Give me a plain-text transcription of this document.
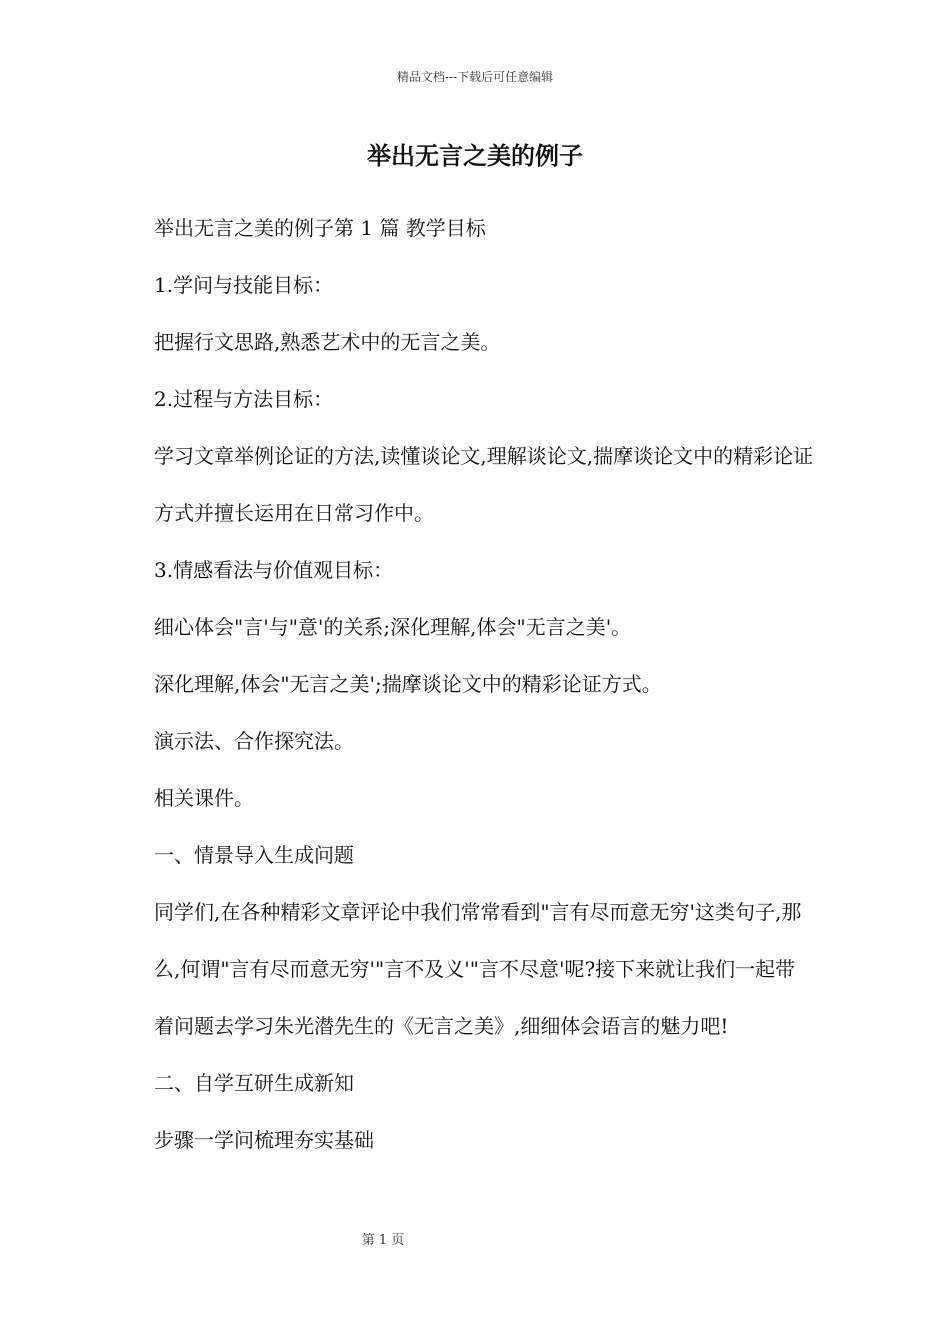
精品文档---下载后可任意编辑
举出无言之美的例子

举出无言之美的例子第 1 篇 教学目标

1.学问与技能目标：

把握行文思路,熟悉艺术中的无言之美。

2.过程与方法目标：

学习文章举例论证的方法,读懂谈论文,理解谈论文,揣摩谈论文中的精彩论证方式并擅长运用在日常习作中。

3.情感看法与价值观目标：

细心体会"言'与"意'的关系;深化理解,体会"无言之美'。

深化理解,体会"无言之美';揣摩谈论文中的精彩论证方式。

演示法、合作探究法。

相关课件。

一、情景导入生成问题

同学们,在各种精彩文章评论中我们常常看到"言有尽而意无穷'这类句子,那么,何谓"言有尽而意无穷'"言不及义'"言不尽意'呢?接下来就让我们一起带着问题去学习朱光潜先生的《无言之美》,细细体会语言的魅力吧!

二、自学互研生成新知

步骤一学问梳理夯实基础

第 1 页
